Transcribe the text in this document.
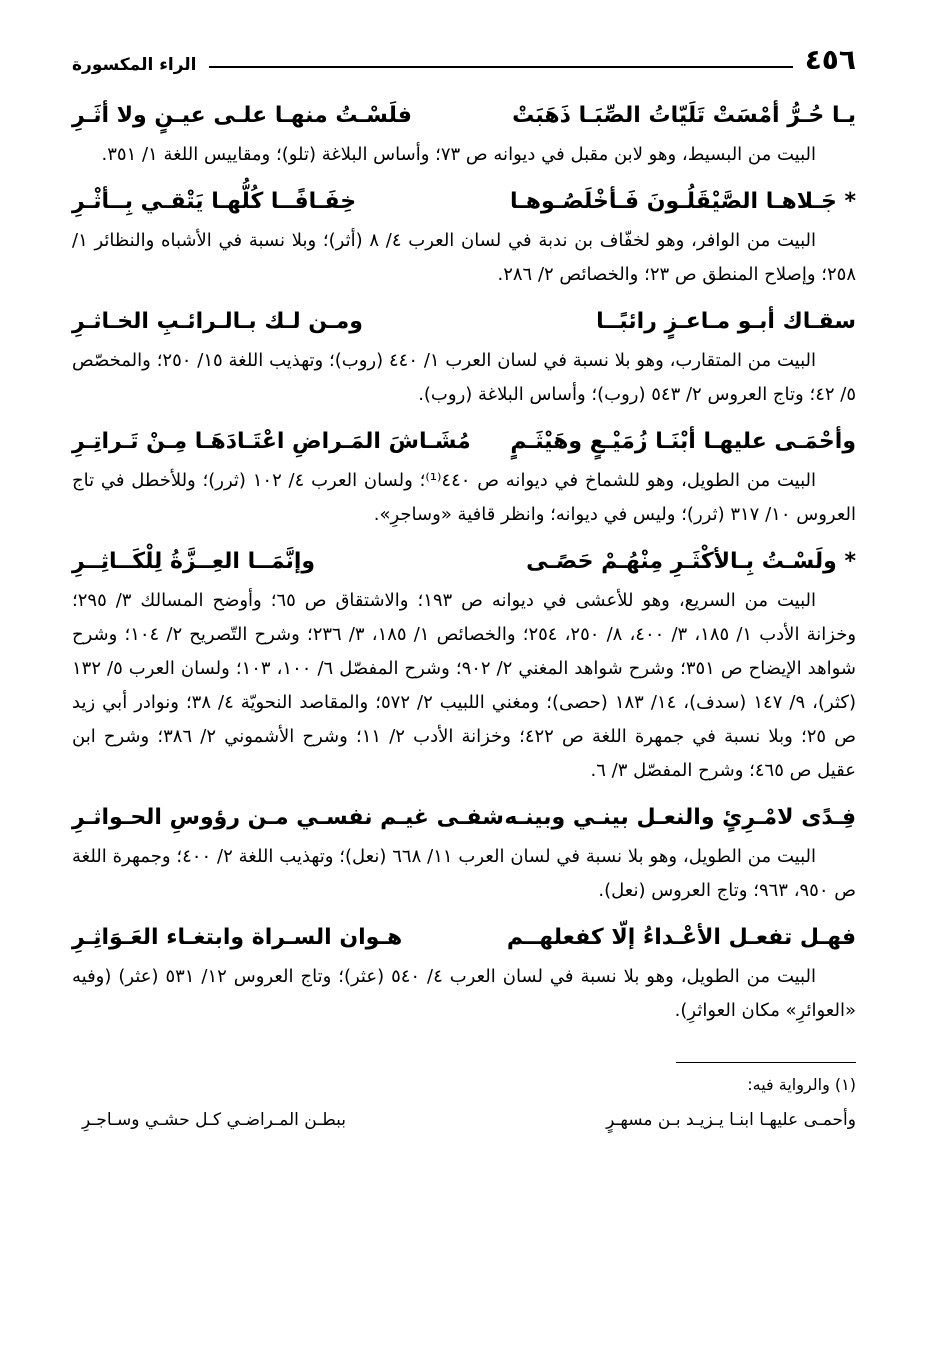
٤٥٦
الراء المكسورة
يـا حُـرُّ أمْسَتْ تَلَيّاتُ الصِّبَـا ذَهَبَتْ
فلَسْـتُ منهـا علـى عيـنٍ ولا أثَـرِ

البيت من البسيط، وهو لابن مقبل في ديوانه ص ٧٣؛ وأساس البلاغة (تلو)؛ ومقاييس اللغة ١/ ٣٥١.

* جَـلاهـا الصَّيْقَلُـونَ فَـأخْلَصُـوهـا
خِفَـافًــا كُلُّهـا يَتْقـي بِــأثْـرِ

البيت من الوافر، وهو لخفّاف بن ندبة في لسان العرب ٤/ ٨ (أثر)؛ وبلا نسبة في الأشباه والنظائر ١/ ٢٥٨؛ وإصلاح المنطق ص ٢٣؛ والخصائص ٢/ ٢٨٦.

سقـاك أبـو مـاعـزٍ رائبًــا
ومـن لـك بـالـرائـبِ الخـاثـرِ

البيت من المتقارب، وهو بلا نسبة في لسان العرب ١/ ٤٤٠ (روب)؛ وتهذيب اللغة ١٥/ ٢٥٠؛ والمخصّص ٥/ ٤٢؛ وتاج العروس ٢/ ٥٤٣ (روب)؛ وأساس البلاغة (روب).

وأحْمَـى عليهـا أبْنَـا زُمَيْـعٍ وهَيْثَـمٍ
مُشَـاشَ المَـراضِ اعْتَـادَهَـا مِـنْ تَـراتِـرِ

البيت من الطويل، وهو للشماخ في ديوانه ص ٤٤٠⁽¹⁾؛ ولسان العرب ٤/ ١٠٢ (ثرر)؛ وللأخطل في تاج العروس ١٠/ ٣١٧ (ثرر)؛ وليس في ديوانه؛ وانظر قافية «وساجرِ».

* ولَسْـتُ بِـالأكْثَـرِ مِنْهُـمْ حَصًـى
وإنَّمَــا العِــزَّةُ لِلْكَــاثِــرِ

البيت من السريع، وهو للأعشى في ديوانه ص ١٩٣؛ والاشتقاق ص ٦٥؛ وأوضح المسالك ٣/ ٢٩٥؛ وخزانة الأدب ١/ ١٨٥، ٣/ ٤٠٠، ٨/ ٢٥٠، ٢٥٤؛ والخصائص ١/ ١٨٥، ٣/ ٢٣٦؛ وشرح التّصريح ٢/ ١٠٤؛ وشرح شواهد الإيضاح ص ٣٥١؛ وشرح شواهد المغني ٢/ ٩٠٢؛ وشرح المفصّل ٦/ ١٠٠، ١٠٣؛ ولسان العرب ٥/ ١٣٢ (كثر)، ٩/ ١٤٧ (سدف)، ١٤/ ١٨٣ (حصى)؛ ومغني اللبيب ٢/ ٥٧٢؛ والمقاصد النحويّة ٤/ ٣٨؛ ونوادر أبي زيد ص ٢٥؛ وبلا نسبة في جمهرة اللغة ص ٤٢٢؛ وخزانة الأدب ٢/ ١١؛ وشرح الأشموني ٢/ ٣٨٦؛ وشرح ابن عقيل ص ٤٦٥؛ وشرح المفصّل ٣/ ٦.

فِـدًى لامْـرِئٍ والنعـل بينـي وبينـه
شفـى غيـم نفسـي مـن رؤوسِ الحـواثـرِ

البيت من الطويل، وهو بلا نسبة في لسان العرب ١١/ ٦٦٨ (نعل)؛ وتهذيب اللغة ٢/ ٤٠٠؛ وجمهرة اللغة ص ٩٥٠، ٩٦٣؛ وتاج العروس (نعل).

فهـل تفعـل الأعْـداءُ إلّا كفعلهــم
هـوان السـراة وابتغـاء العَـوَاثِـرِ

البيت من الطويل، وهو بلا نسبة في لسان العرب ٤/ ٥٤٠ (عثر)؛ وتاج العروس ١٢/ ٥٣١ (عثر) (وفيه «العوائرِ» مكان العواثرِ).

(١) والرواية فيه:

وأحمـى عليهـا ابنـا يـزيـد بـن مسهـرٍ
ببطـن المـراضـي كـل حشـي وسـاجـرِ
